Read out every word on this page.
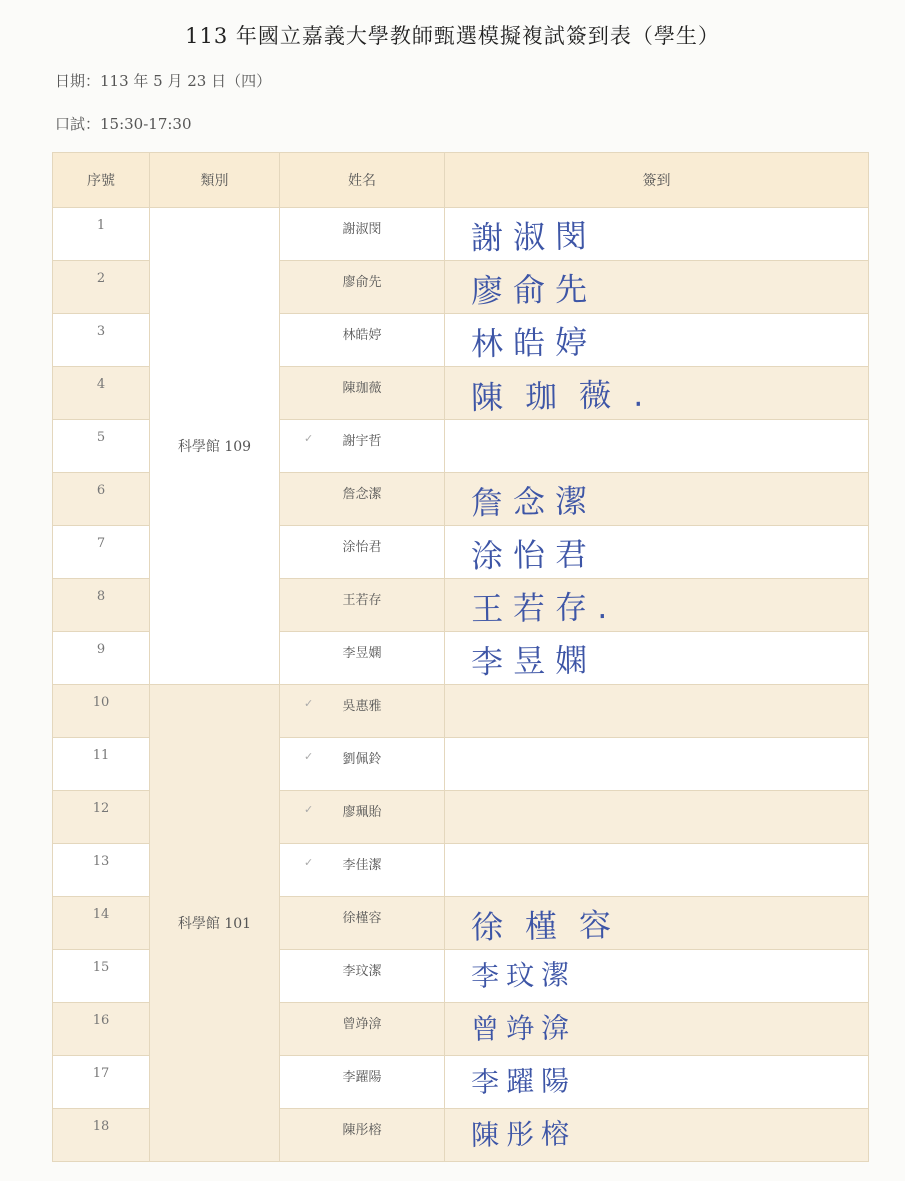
113 年國立嘉義大學教師甄選模擬複試簽到表（學生）
日期：113 年 5 月 23 日（四）
口試：15:30-17:30
序號	類別	姓名	簽到
1	科學館 109	謝淑閔	謝淑閔

2		廖俞先	廖俞先

3		林皓婷	林皓婷

4		陳珈薇	陳珈薇.

5		✓ 謝宇哲	

6		詹念潔	詹念潔

7		涂怡君	涂怡君

8		王若存	王若存.

9		李昱嫻	李昱嫻

10	科學館 101	✓ 吳惠雅	

11		✓ 劉佩鈴	

12		✓ 廖珮貽	

13		✓ 李佳潔	

14		徐槿容	徐槿容

15		李玟潔	李玟潔

16		曾竫渰	曾竫渰

17		李躍陽	李躍陽

18		陳彤榕	陳彤榕
